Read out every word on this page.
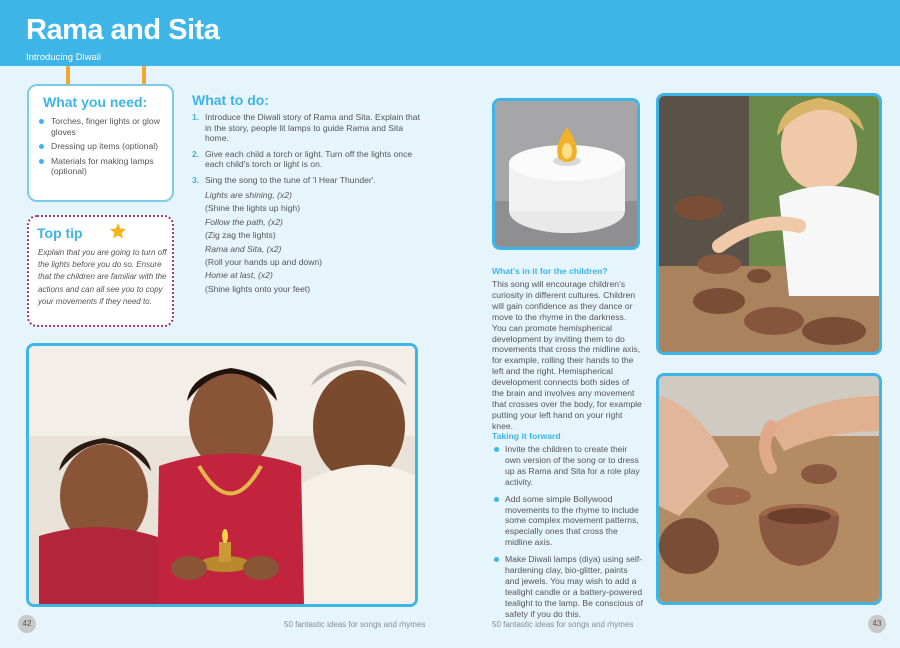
Rama and Sita
Introducing Diwali
What you need:
Torches, finger lights or glow gloves
Dressing up items (optional)
Materials for making lamps (optional)
Top tip
Explain that you are going to turn off the lights before you do so. Ensure that the children are familiar with the actions and can all see you to copy your movements if they need to.
What to do:
1. Introduce the Diwali story of Rama and Sita. Explain that in the story, people lit lamps to guide Rama and Sita home.
2. Give each child a torch or light. Turn off the lights once each child's torch or light is on.
3. Sing the song to the tune of 'I Hear Thunder'.
Lights are shining, (x2)
(Shine the lights up high)
Follow the path, (x2)
(Zig zag the lights)
Rama and Sita, (x2)
(Roll your hands up and down)
Home at last, (x2)
(Shine lights onto your feet)
What's in it for the children?
This song will encourage children's curiosity in different cultures. Children will gain confidence as they dance or move to the rhyme in the darkness. You can promote hemispherical development by inviting them to do movements that cross the midline axis, for example, rolling their hands to the left and the right. Hemispherical development connects both sides of the brain and involves any movement that crosses over the body, for example putting your left hand on your right knee.
Taking it forward
Invite the children to create their own version of the song or to dress up as Rama and Sita for a role play activity.
Add some simple Bollywood movements to the rhyme to include some complex movement patterns, especially ones that cross the midline axis.
Make Diwali lamps (diya) using self-hardening clay, bio-glitter, paints and jewels. You may wish to add a tealight candle or a battery-powered tealight to the lamp. Be conscious of safety if you do this.
42	43
50 fantastic ideas for songs and rhymes	50 fantastic ideas for songs and rhymes
